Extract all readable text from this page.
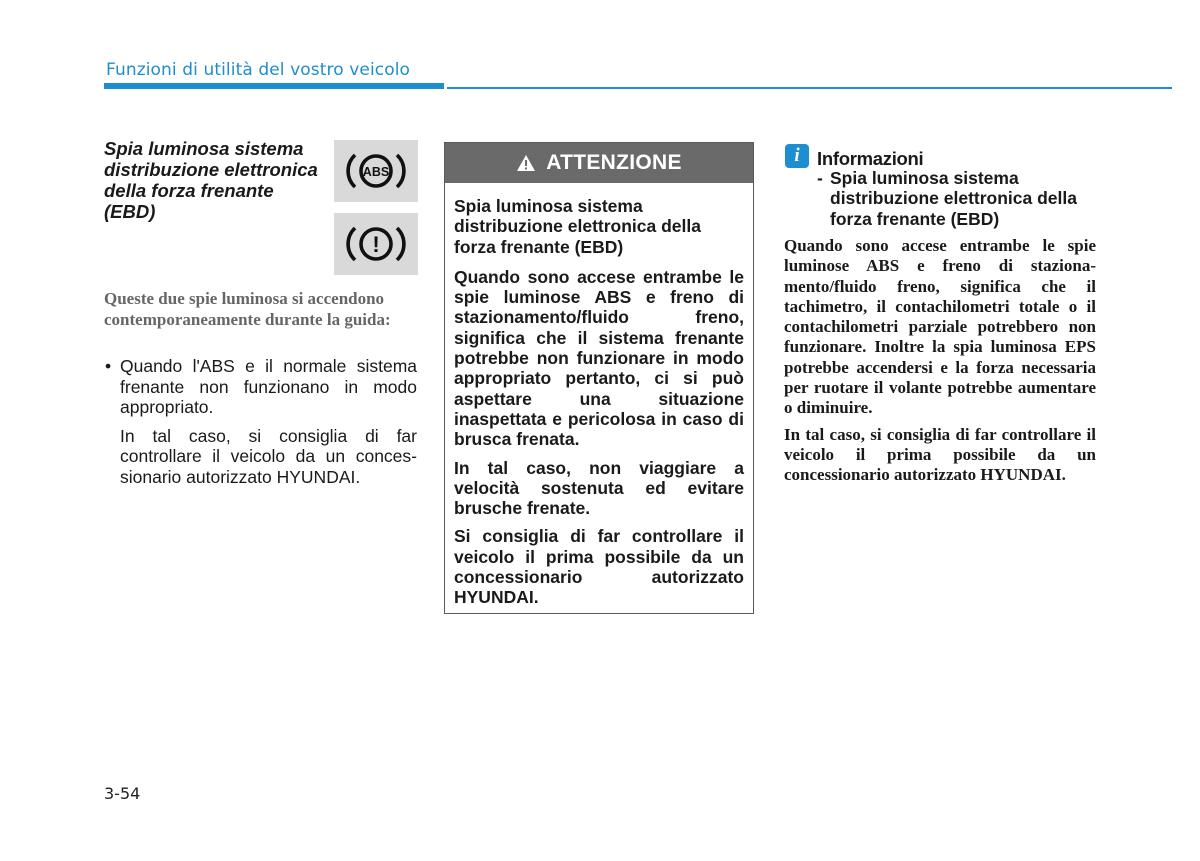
Funzioni di utilità del vostro veicolo
Spia luminosa sistema distribuzione elettronica della forza frenante (EBD)
ABS
!
Queste due spie luminosa si accendono contemporaneamente durante la guida:
• Quando l'ABS e il normale sistema frenante non funzionano in modo appropriato.
In tal caso, si consiglia di far controllare il veicolo da un conces- sionario autorizzato HYUNDAI.
ATTENZIONE

Spia luminosa sistema distribuzione elettronica della forza frenante (EBD)

Quando sono accese entrambe le spie luminose ABS e freno di stazionamento/fluido freno, significa che il sistema frenante potrebbe non funzionare in modo appropriato pertanto, ci si può aspettare una situazione inaspettata e pericolosa in caso di brusca frenata.

In tal caso, non viaggiare a velocità sostenuta ed evitare brusche frenate.

Si consiglia di far controllare il veicolo il prima possibile da un concessionario autorizzato HYUNDAI.

i Informazioni
- Spia luminosa sistema distribuzione elettronica della forza frenante (EBD)

Quando sono accese entrambe le spie luminose ABS e freno di staziona- mento/fluido freno, significa che il tachimetro, il contachilometri totale o il contachilometri parziale potrebbero non funzionare. Inoltre la spia luminosa EPS potrebbe accendersi e la forza necessaria per ruotare il volante potrebbe aumentare o diminuire.

In tal caso, si consiglia di far controllare il veicolo il prima possibile da un concessionario autorizzato HYUNDAI.

3-54
